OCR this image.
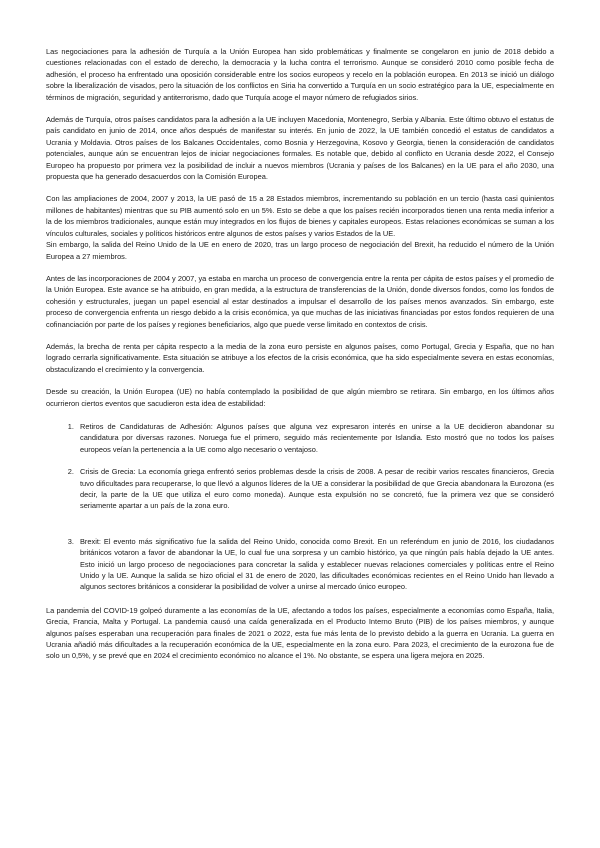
Las negociaciones para la adhesión de Turquía a la Unión Europea han sido problemáticas y finalmente se congelaron en junio de 2018 debido a cuestiones relacionadas con el estado de derecho, la democracia y la lucha contra el terrorismo. Aunque se consideró 2010 como posible fecha de adhesión, el proceso ha enfrentado una oposición considerable entre los socios europeos y recelo en la población europea. En 2013 se inició un diálogo sobre la liberalización de visados, pero la situación de los conflictos en Siria ha convertido a Turquía en un socio estratégico para la UE, especialmente en términos de migración, seguridad y antiterrorismo, dado que Turquía acoge el mayor número de refugiados sirios.

Además de Turquía, otros países candidatos para la adhesión a la UE incluyen Macedonia, Montenegro, Serbia y Albania. Este último obtuvo el estatus de país candidato en junio de 2014, once años después de manifestar su interés. En junio de 2022, la UE también concedió el estatus de candidatos a Ucrania y Moldavia. Otros países de los Balcanes Occidentales, como Bosnia y Herzegovina, Kosovo y Georgia, tienen la consideración de candidatos potenciales, aunque aún se encuentran lejos de iniciar negociaciones formales. Es notable que, debido al conflicto en Ucrania desde 2022, el Consejo Europeo ha propuesto por primera vez la posibilidad de incluir a nuevos miembros (Ucrania y países de los Balcanes) en la UE para el año 2030, una propuesta que ha generado desacuerdos con la Comisión Europea.

Con las ampliaciones de 2004, 2007 y 2013, la UE pasó de 15 a 28 Estados miembros, incrementando su población en un tercio (hasta casi quinientos millones de habitantes) mientras que su PIB aumentó solo en un 5%. Esto se debe a que los países recién incorporados tienen una renta media inferior a la de los miembros tradicionales, aunque están muy integrados en los flujos de bienes y capitales europeos. Estas relaciones económicas se suman a los vínculos culturales, sociales y políticos históricos entre algunos de estos países y varios Estados de la UE.

Sin embargo, la salida del Reino Unido de la UE en enero de 2020, tras un largo proceso de negociación del Brexit, ha reducido el número de la Unión Europea a 27 miembros.

Antes de las incorporaciones de 2004 y 2007, ya estaba en marcha un proceso de convergencia entre la renta per cápita de estos países y el promedio de la Unión Europea. Este avance se ha atribuido, en gran medida, a la estructura de transferencias de la Unión, donde diversos fondos, como los fondos de cohesión y estructurales, juegan un papel esencial al estar destinados a impulsar el desarrollo de los países menos avanzados. Sin embargo, este proceso de convergencia enfrenta un riesgo debido a la crisis económica, ya que muchas de las iniciativas financiadas por estos fondos requieren de una cofinanciación por parte de los países y regiones beneficiarios, algo que puede verse limitado en contextos de crisis.

Además, la brecha de renta per cápita respecto a la media de la zona euro persiste en algunos países, como Portugal, Grecia y España, que no han logrado cerrarla significativamente. Esta situación se atribuye a los efectos de la crisis económica, que ha sido especialmente severa en estas economías, obstaculizando el crecimiento y la convergencia.

Desde su creación, la Unión Europea (UE) no había contemplado la posibilidad de que algún miembro se retirara. Sin embargo, en los últimos años ocurrieron ciertos eventos que sacudieron esta idea de estabilidad:

1. Retiros de Candidaturas de Adhesión: Algunos países que alguna vez expresaron interés en unirse a la UE decidieron abandonar su candidatura por diversas razones. Noruega fue el primero, seguido más recientemente por Islandia. Esto mostró que no todos los países europeos veían la pertenencia a la UE como algo necesario o ventajoso.
2. Crisis de Grecia: La economía griega enfrentó serios problemas desde la crisis de 2008. A pesar de recibir varios rescates financieros, Grecia tuvo dificultades para recuperarse, lo que llevó a algunos líderes de la UE a considerar la posibilidad de que Grecia abandonara la Eurozona (es decir, la parte de la UE que utiliza el euro como moneda). Aunque esta expulsión no se concretó, fue la primera vez que se consideró seriamente apartar a un país de la zona euro.
3. Brexit: El evento más significativo fue la salida del Reino Unido, conocida como Brexit. En un referéndum en junio de 2016, los ciudadanos británicos votaron a favor de abandonar la UE, lo cual fue una sorpresa y un cambio histórico, ya que ningún país había dejado la UE antes. Esto inició un largo proceso de negociaciones para concretar la salida y establecer nuevas relaciones comerciales y políticas entre el Reino Unido y la UE. Aunque la salida se hizo oficial el 31 de enero de 2020, las dificultades económicas recientes en el Reino Unido han llevado a algunos sectores británicos a considerar la posibilidad de volver a unirse al mercado único europeo.

La pandemia del COVID-19 golpeó duramente a las economías de la UE, afectando a todos los países, especialmente a economías como España, Italia, Grecia, Francia, Malta y Portugal. La pandemia causó una caída generalizada en el Producto Interno Bruto (PIB) de los países miembros, y aunque algunos países esperaban una recuperación para finales de 2021 o 2022, esta fue más lenta de lo previsto debido a la guerra en Ucrania. La guerra en Ucrania añadió más dificultades a la recuperación económica de la UE, especialmente en la zona euro. Para 2023, el crecimiento de la eurozona fue de solo un 0,5%, y se prevé que en 2024 el crecimiento económico no alcance el 1%. No obstante, se espera una ligera mejora en 2025.
